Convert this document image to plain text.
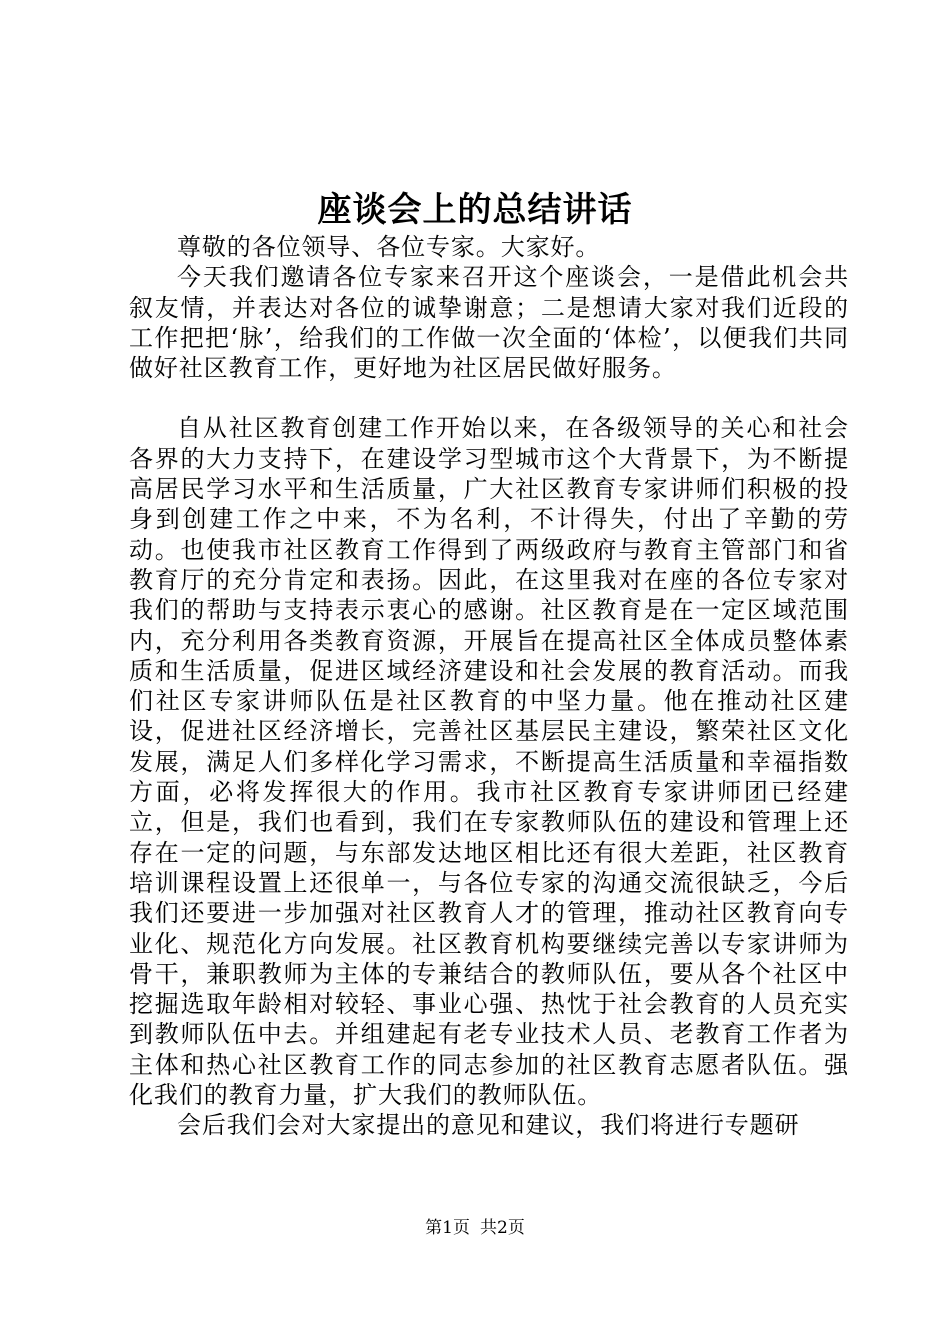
座谈会上的总结讲话

尊敬的各位领导、各位专家。大家好。

今天我们邀请各位专家来召开这个座谈会，一是借此机会共叙友情，并表达对各位的诚挚谢意；二是想请大家对我们近段的工作把把‘脉’，给我们的工作做一次全面的‘体检’，以便我们共同做好社区教育工作，更好地为社区居民做好服务。

自从社区教育创建工作开始以来，在各级领导的关心和社会各界的大力支持下，在建设学习型城市这个大背景下，为不断提高居民学习水平和生活质量，广大社区教育专家讲师们积极的投身到创建工作之中来，不为名利，不计得失，付出了辛勤的劳动。也使我市社区教育工作得到了两级政府与教育主管部门和省教育厅的充分肯定和表扬。因此，在这里我对在座的各位专家对我们的帮助与支持表示衷心的感谢。社区教育是在一定区域范围内，充分利用各类教育资源，开展旨在提高社区全体成员整体素质和生活质量，促进区域经济建设和社会发展的教育活动。而我们社区专家讲师队伍是社区教育的中坚力量。他在推动社区建设，促进社区经济增长，完善社区基层民主建设，繁荣社区文化发展，满足人们多样化学习需求，不断提高生活质量和幸福指数方面，必将发挥很大的作用。我市社区教育专家讲师团已经建立，但是，我们也看到，我们在专家教师队伍的建设和管理上还存在一定的问题，与东部发达地区相比还有很大差距，社区教育培训课程设置上还很单一，与各位专家的沟通交流很缺乏，今后我们还要进一步加强对社区教育人才的管理，推动社区教育向专业化、规范化方向发展。社区教育机构要继续完善以专家讲师为骨干，兼职教师为主体的专兼结合的教师队伍，要从各个社区中挖掘选取年龄相对较轻、事业心强、热忱于社会教育的人员充实到教师队伍中去。并组建起有老专业技术人员、老教育工作者为主体和热心社区教育工作的同志参加的社区教育志愿者队伍。强化我们的教育力量，扩大我们的教师队伍。

会后我们会对大家提出的意见和建议，我们将进行专题研

第1页 共2页
